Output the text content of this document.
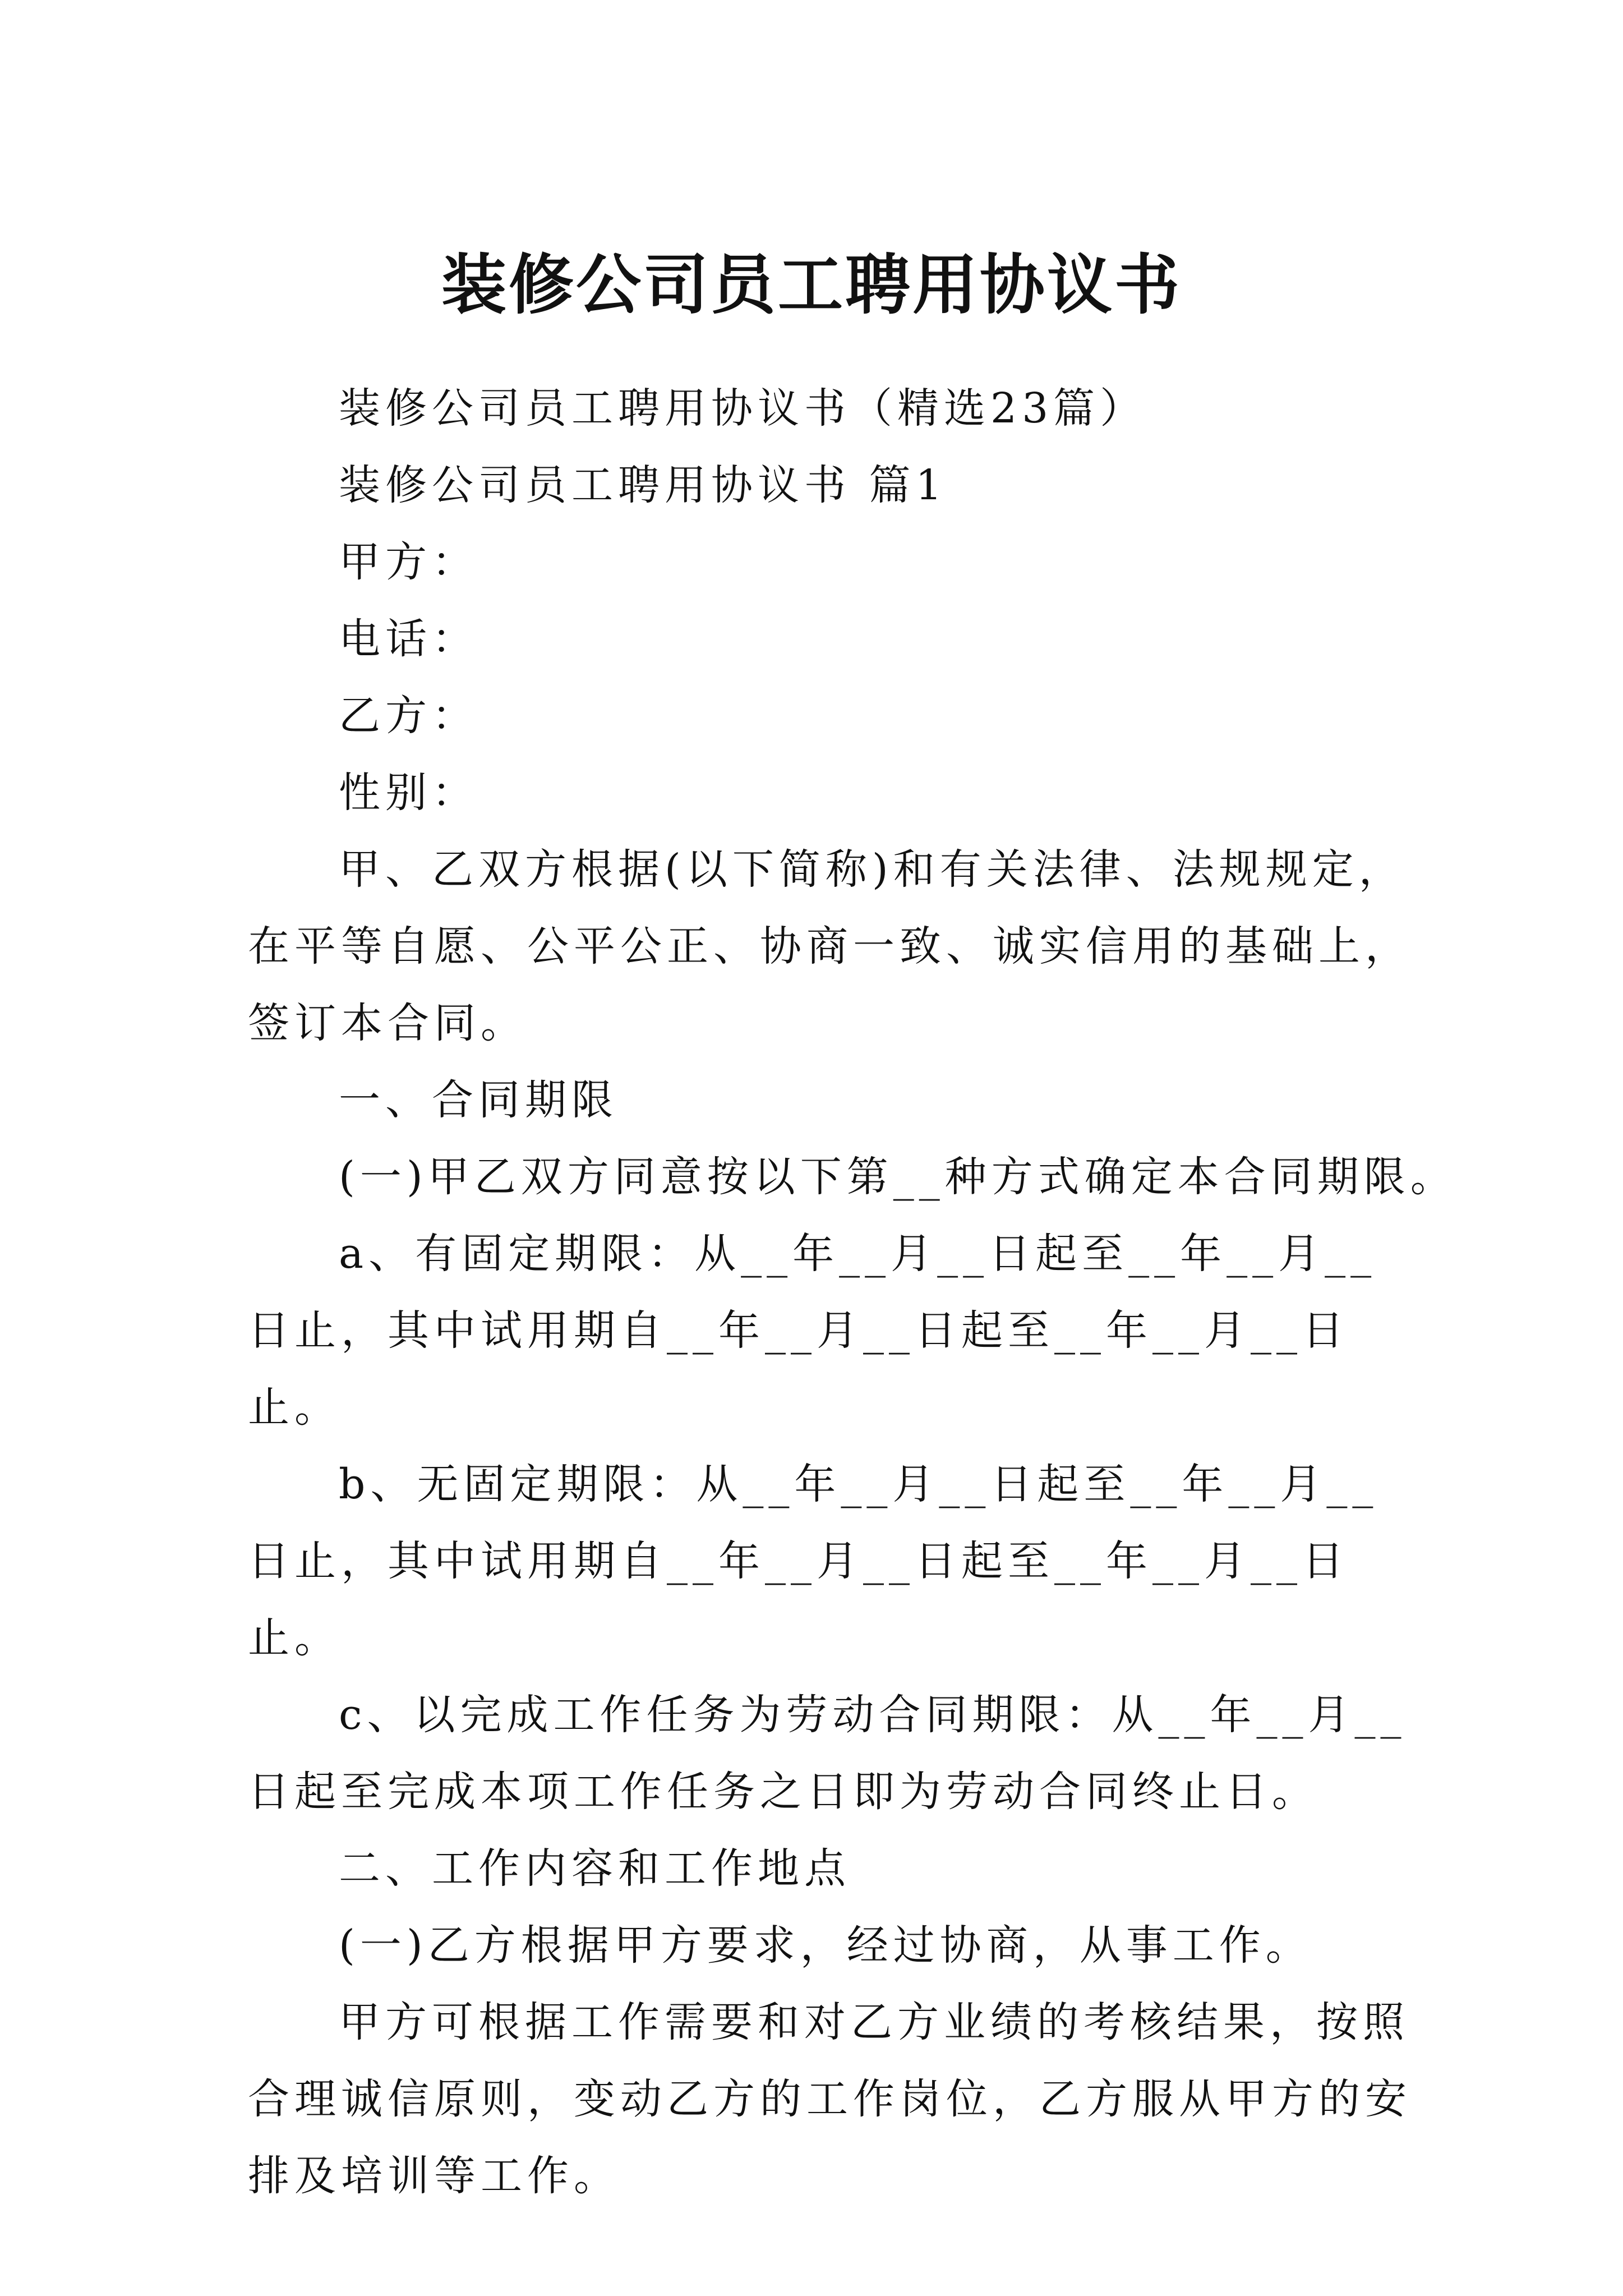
装修公司员工聘用协议书

装修公司员工聘用协议书（精选23篇）

装修公司员工聘用协议书 篇1

甲方：

电话：

乙方：

性别：

甲、乙双方根据(以下简称)和有关法律、法规规定，在平等自愿、公平公正、协商一致、诚实信用的基础上，签订本合同。

一、合同期限

(一)甲乙双方同意按以下第__种方式确定本合同期限。

a、有固定期限：从__年__月__日起至__年__月__日止，其中试用期自__年__月__日起至__年__月__日止。

b、无固定期限：从__年__月__日起至__年__月__日止，其中试用期自__年__月__日起至__年__月__日止。

c、以完成工作任务为劳动合同期限：从__年__月__日起至完成本项工作任务之日即为劳动合同终止日。

二、工作内容和工作地点

(一)乙方根据甲方要求，经过协商，从事工作。

甲方可根据工作需要和对乙方业绩的考核结果，按照合理诚信原则，变动乙方的工作岗位，乙方服从甲方的安排及培训等工作。
